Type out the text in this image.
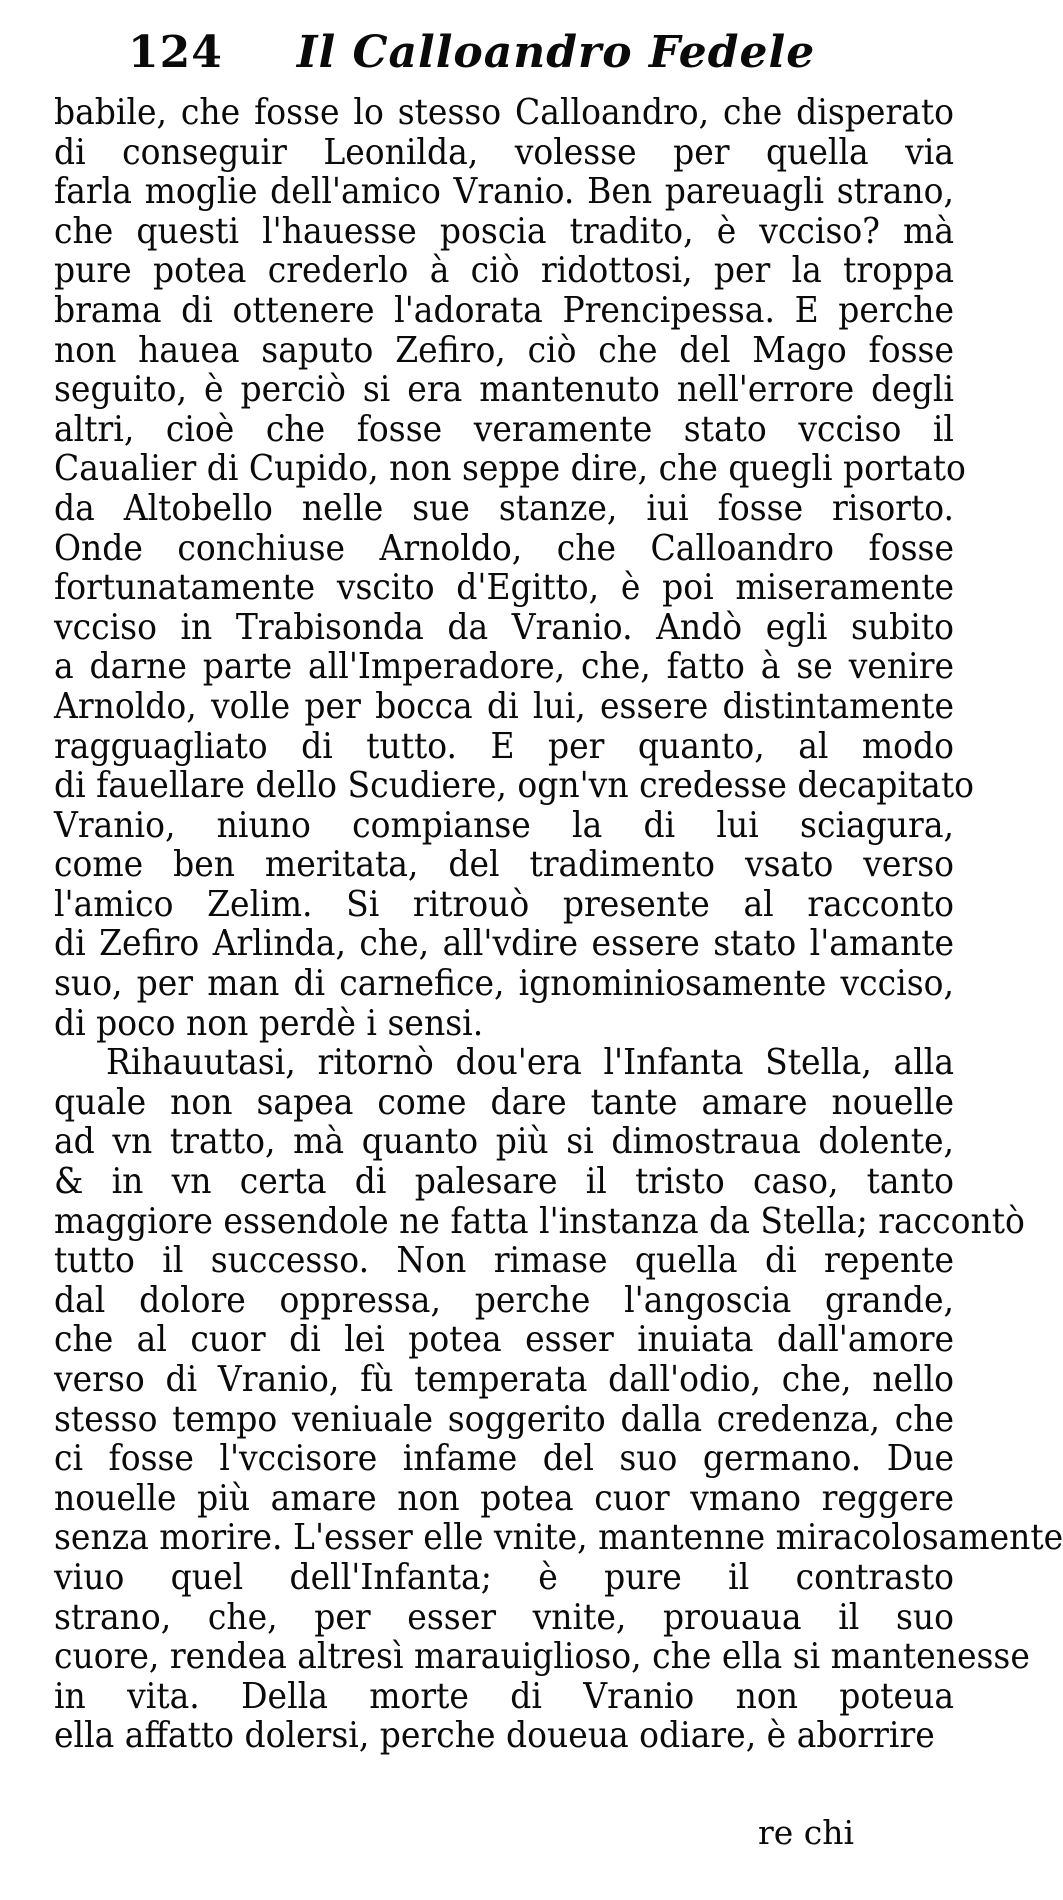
124 Il Calloandro Fedele
babile, che fosse lo stesso Calloandro, che disperato
di conseguir Leonilda, volesse per quella via
farla moglie dell'amico Vranio. Ben pareuagli strano,
che questi l'hauesse poscia tradito, è vcciso? mà
pure potea crederlo à ciò ridottosi, per la troppa
brama di ottenere l'adorata Prencipessa. E perche
non hauea saputo Zefiro, ciò che del Mago fosse
seguito, è perciò si era mantenuto nell'errore degli
altri, cioè che fosse veramente stato vcciso il
Caualier di Cupido, non seppe dire, che quegli portato
da Altobello nelle sue stanze, iui fosse risorto.
Onde conchiuse Arnoldo, che Calloandro fosse
fortunatamente vscito d'Egitto, è poi miseramente
vcciso in Trabisonda da Vranio. Andò egli subito
a darne parte all'Imperadore, che, fatto à se venire
Arnoldo, volle per bocca di lui, essere distintamente
ragguagliato di tutto. E per quanto, al modo
di fauellare dello Scudiere, ogn'vn credesse decapitato
Vranio, niuno compianse la di lui sciagura,
come ben meritata, del tradimento vsato verso
l'amico Zelim. Si ritrouò presente al racconto
di Zefiro Arlinda, che, all'vdire essere stato l'amante
suo, per man di carnefice, ignominiosamente vcciso,
di poco non perdè i sensi.
Rihauutasi, ritornò dou'era l'Infanta Stella, alla
quale non sapea come dare tante amare nouelle
ad vn tratto, mà quanto più si dimostraua dolente,
& in vn certa di palesare il tristo caso, tanto
maggiore essendole ne fatta l'instanza da Stella; raccontò
tutto il successo. Non rimase quella di repente
dal dolore oppressa, perche l'angoscia grande,
che al cuor di lei potea esser inuiata dall'amore
verso di Vranio, fù temperata dall'odio, che, nello
stesso tempo veniuale soggerito dalla credenza, che
ci fosse l'vccisore infame del suo germano. Due
nouelle più amare non potea cuor vmano reggere
senza morire. L'esser elle vnite, mantenne miracolosamente
viuo quel dell'Infanta; è pure il contrasto
strano, che, per esser vnite, prouaua il suo
cuore, rendea altresì marauiglioso, che ella si mantenesse
in vita. Della morte di Vranio non poteua
ella affatto dolersi, perche doueua odiare, è aborrire
re chi
